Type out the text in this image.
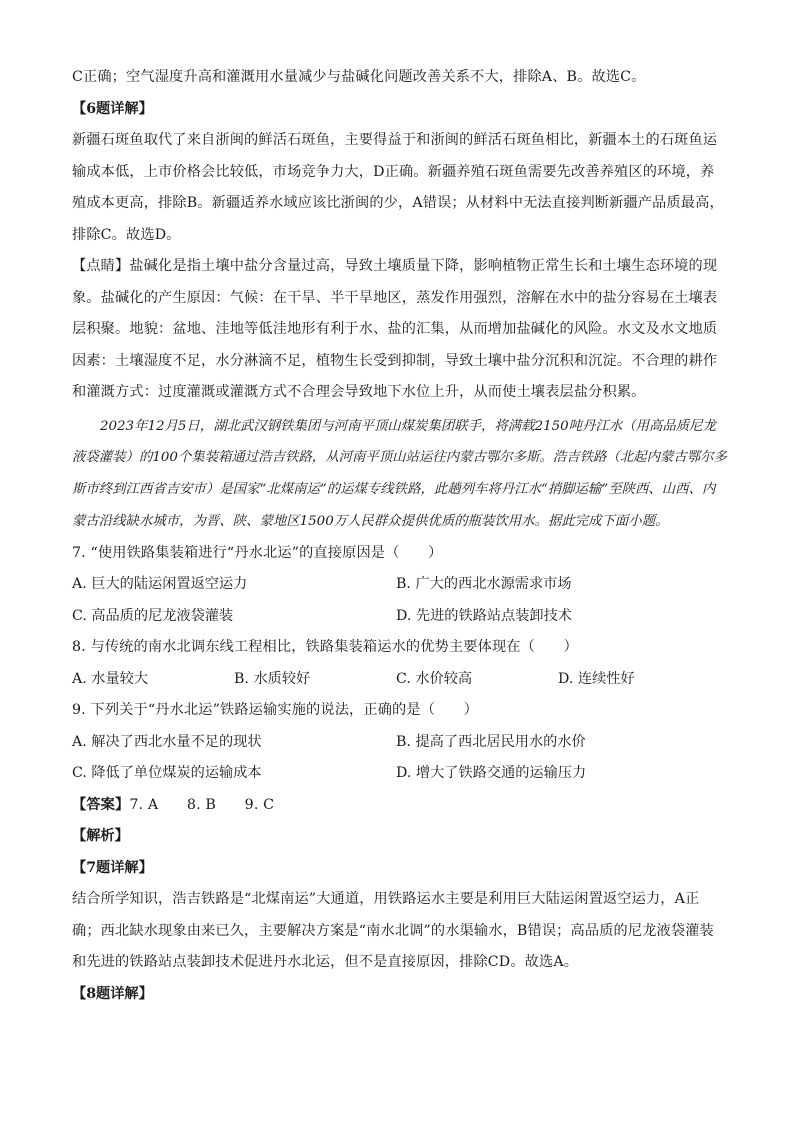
C正确；空气湿度升高和灌溉用水量减少与盐碱化问题改善关系不大，排除A、B。故选C。

【6题详解】

新疆石斑鱼取代了来自浙闽的鲜活石斑鱼，主要得益于和浙闽的鲜活石斑鱼相比，新疆本土的石斑鱼运输成本低，上市价格会比较低，市场竞争力大，D正确。新疆养殖石斑鱼需要先改善养殖区的环境，养殖成本更高，排除B。新疆适养水域应该比浙闽的少，A错误；从材料中无法直接判断新疆产品质最高，排除C。故选D。

【点睛】盐碱化是指土壤中盐分含量过高，导致土壤质量下降，影响植物正常生长和土壤生态环境的现象。盐碱化的产生原因：气候：在干旱、半干旱地区，蒸发作用强烈，溶解在水中的盐分容易在土壤表层积聚。地貌：盆地、洼地等低洼地形有利于水、盐的汇集，从而增加盐碱化的风险。水文及水文地质因素：土壤湿度不足，水分淋滴不足，植物生长受到抑制，导致土壤中盐分沉积和沉淀。不合理的耕作和灌溉方式：过度灌溉或灌溉方式不合理会导致地下水位上升，从而使土壤表层盐分积累。

2023年12月5日，湖北武汉钢铁集团与河南平顶山煤炭集团联手，将满载2150吨丹江水（用高品质尼龙液袋灌装）的100个集装箱通过浩吉铁路，从河南平顶山站运往内蒙古鄂尔多斯。浩吉铁路（北起内蒙古鄂尔多斯市终到江西省吉安市）是国家“北煤南运”的运煤专线铁路，此趟列车将丹江水“捎脚运输”至陕西、山西、内蒙古沿线缺水城市，为晋、陕、蒙地区1500万人民群众提供优质的瓶装饮用水。据此完成下面小题。

7. “使用铁路集装箱进行“丹水北运”的直接原因是（　　）

A. 巨大的陆运闲置返空运力	B. 广大的西北水源需求市场
C. 高品质的尼龙液袋灌装	D. 先进的铁路站点装卸技术

8. 与传统的南水北调东线工程相比，铁路集装箱运水的优势主要体现在（　　）

A. 水量较大	B. 水质较好	C. 水价较高	D. 连续性好

9. 下列关于“丹水北运”铁路运输实施的说法，正确的是（　　）

A. 解决了西北水量不足的现状	B. 提高了西北居民用水的水价
C. 降低了单位煤炭的运输成本	D. 增大了铁路交通的运输压力

【答案】7. A　　8. B　　9. C

【解析】

【7题详解】

结合所学知识，浩吉铁路是“北煤南运”大通道，用铁路运水主要是利用巨大陆运闲置返空运力，A正确；西北缺水现象由来已久，主要解决方案是“南水北调”的水渠输水，B错误；高品质的尼龙液袋灌装和先进的铁路站点装卸技术促进丹水北运，但不是直接原因，排除CD。故选A。

【8题详解】
